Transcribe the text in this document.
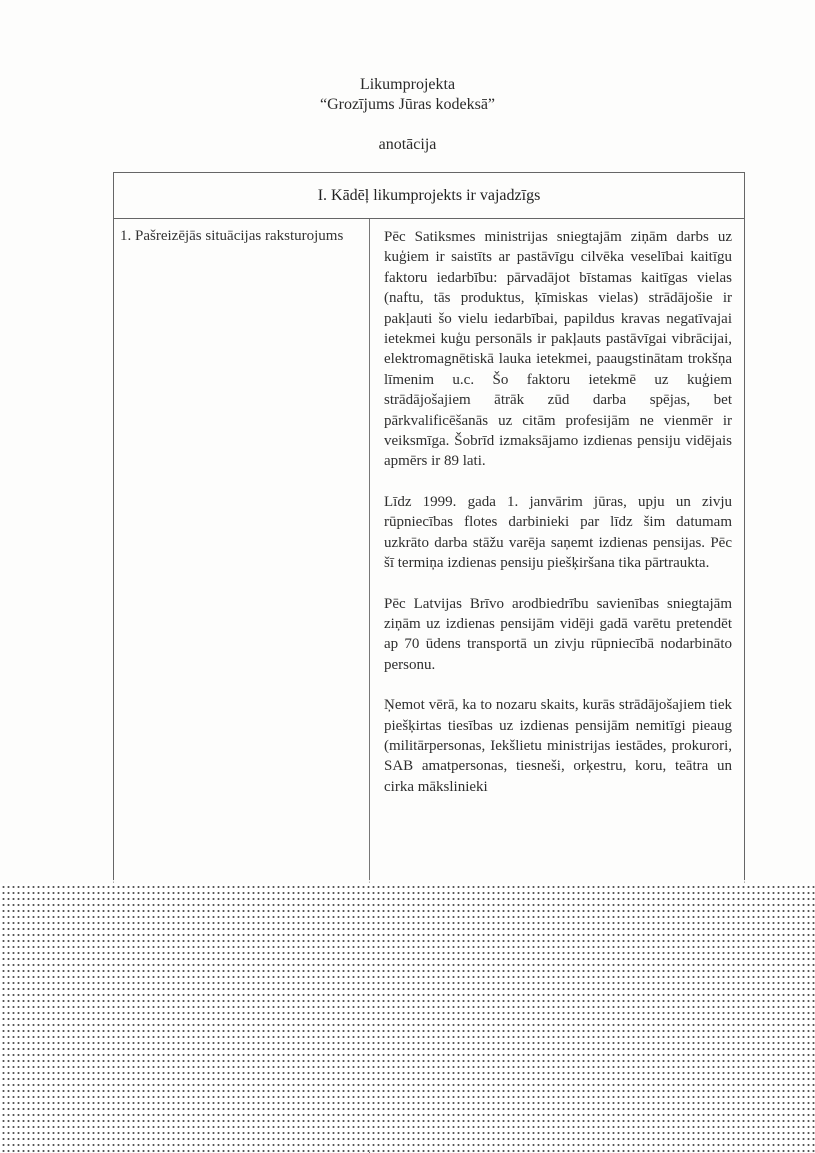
Likumprojekta
“Grozījums Jūras kodeksā”
anotācija
I. Kādēļ likumprojekts ir vajadzīgs
1. Pašreizējās situācijas raksturojums	Pēc Satiksmes ministrijas sniegtajām ziņām darbs uz kuģiem ir saistīts ar pastāvīgu cilvēka veselībai kaitīgu faktoru iedarbību: pārvadājot bīstamas kaitīgas vielas (naftu, tās produktus, ķīmiskas vielas) strādājošie ir pakļauti šo vielu iedarbībai, papildus kravas negatīvajai ietekmei kuģu personāls ir pakļauts pastāvīgai vibrācijai, elektromagnētiskā lauka ietekmei, paaugstinātam trokšņa līmenim u.c. Šo faktoru ietekmē uz kuģiem strādājošajiem ātrāk zūd darba spējas, bet pārkvalificēšanās uz citām profesijām ne vienmēr ir veiksmīga. Šobrīd izmaksājamo izdienas pensiju vidējais apmērs ir 89 lati.

Līdz 1999. gada 1. janvārim jūras, upju un zivju rūpniecības flotes darbinieki par līdz šim datumam uzkrāto darba stāžu varēja saņemt izdienas pensijas. Pēc šī termiņa izdienas pensiju piešķiršana tika pārtraukta.

Pēc Latvijas Brīvo arodbiedrību savienības sniegtajām ziņām uz izdienas pensijām vidēji gadā varētu pretendēt ap 70 ūdens transportā un zivju rūpniecībā nodarbināto personu.

Ņemot vērā, ka to nozaru skaits, kurās strādājošajiem tiek piešķirtas tiesības uz izdienas pensijām nemitīgi pieaug (militārpersonas, Iekšlietu ministrijas iestādes, prokurori, SAB amatpersonas, tiesneši, orķestru, koru, teātra un cirka mākslinieki
